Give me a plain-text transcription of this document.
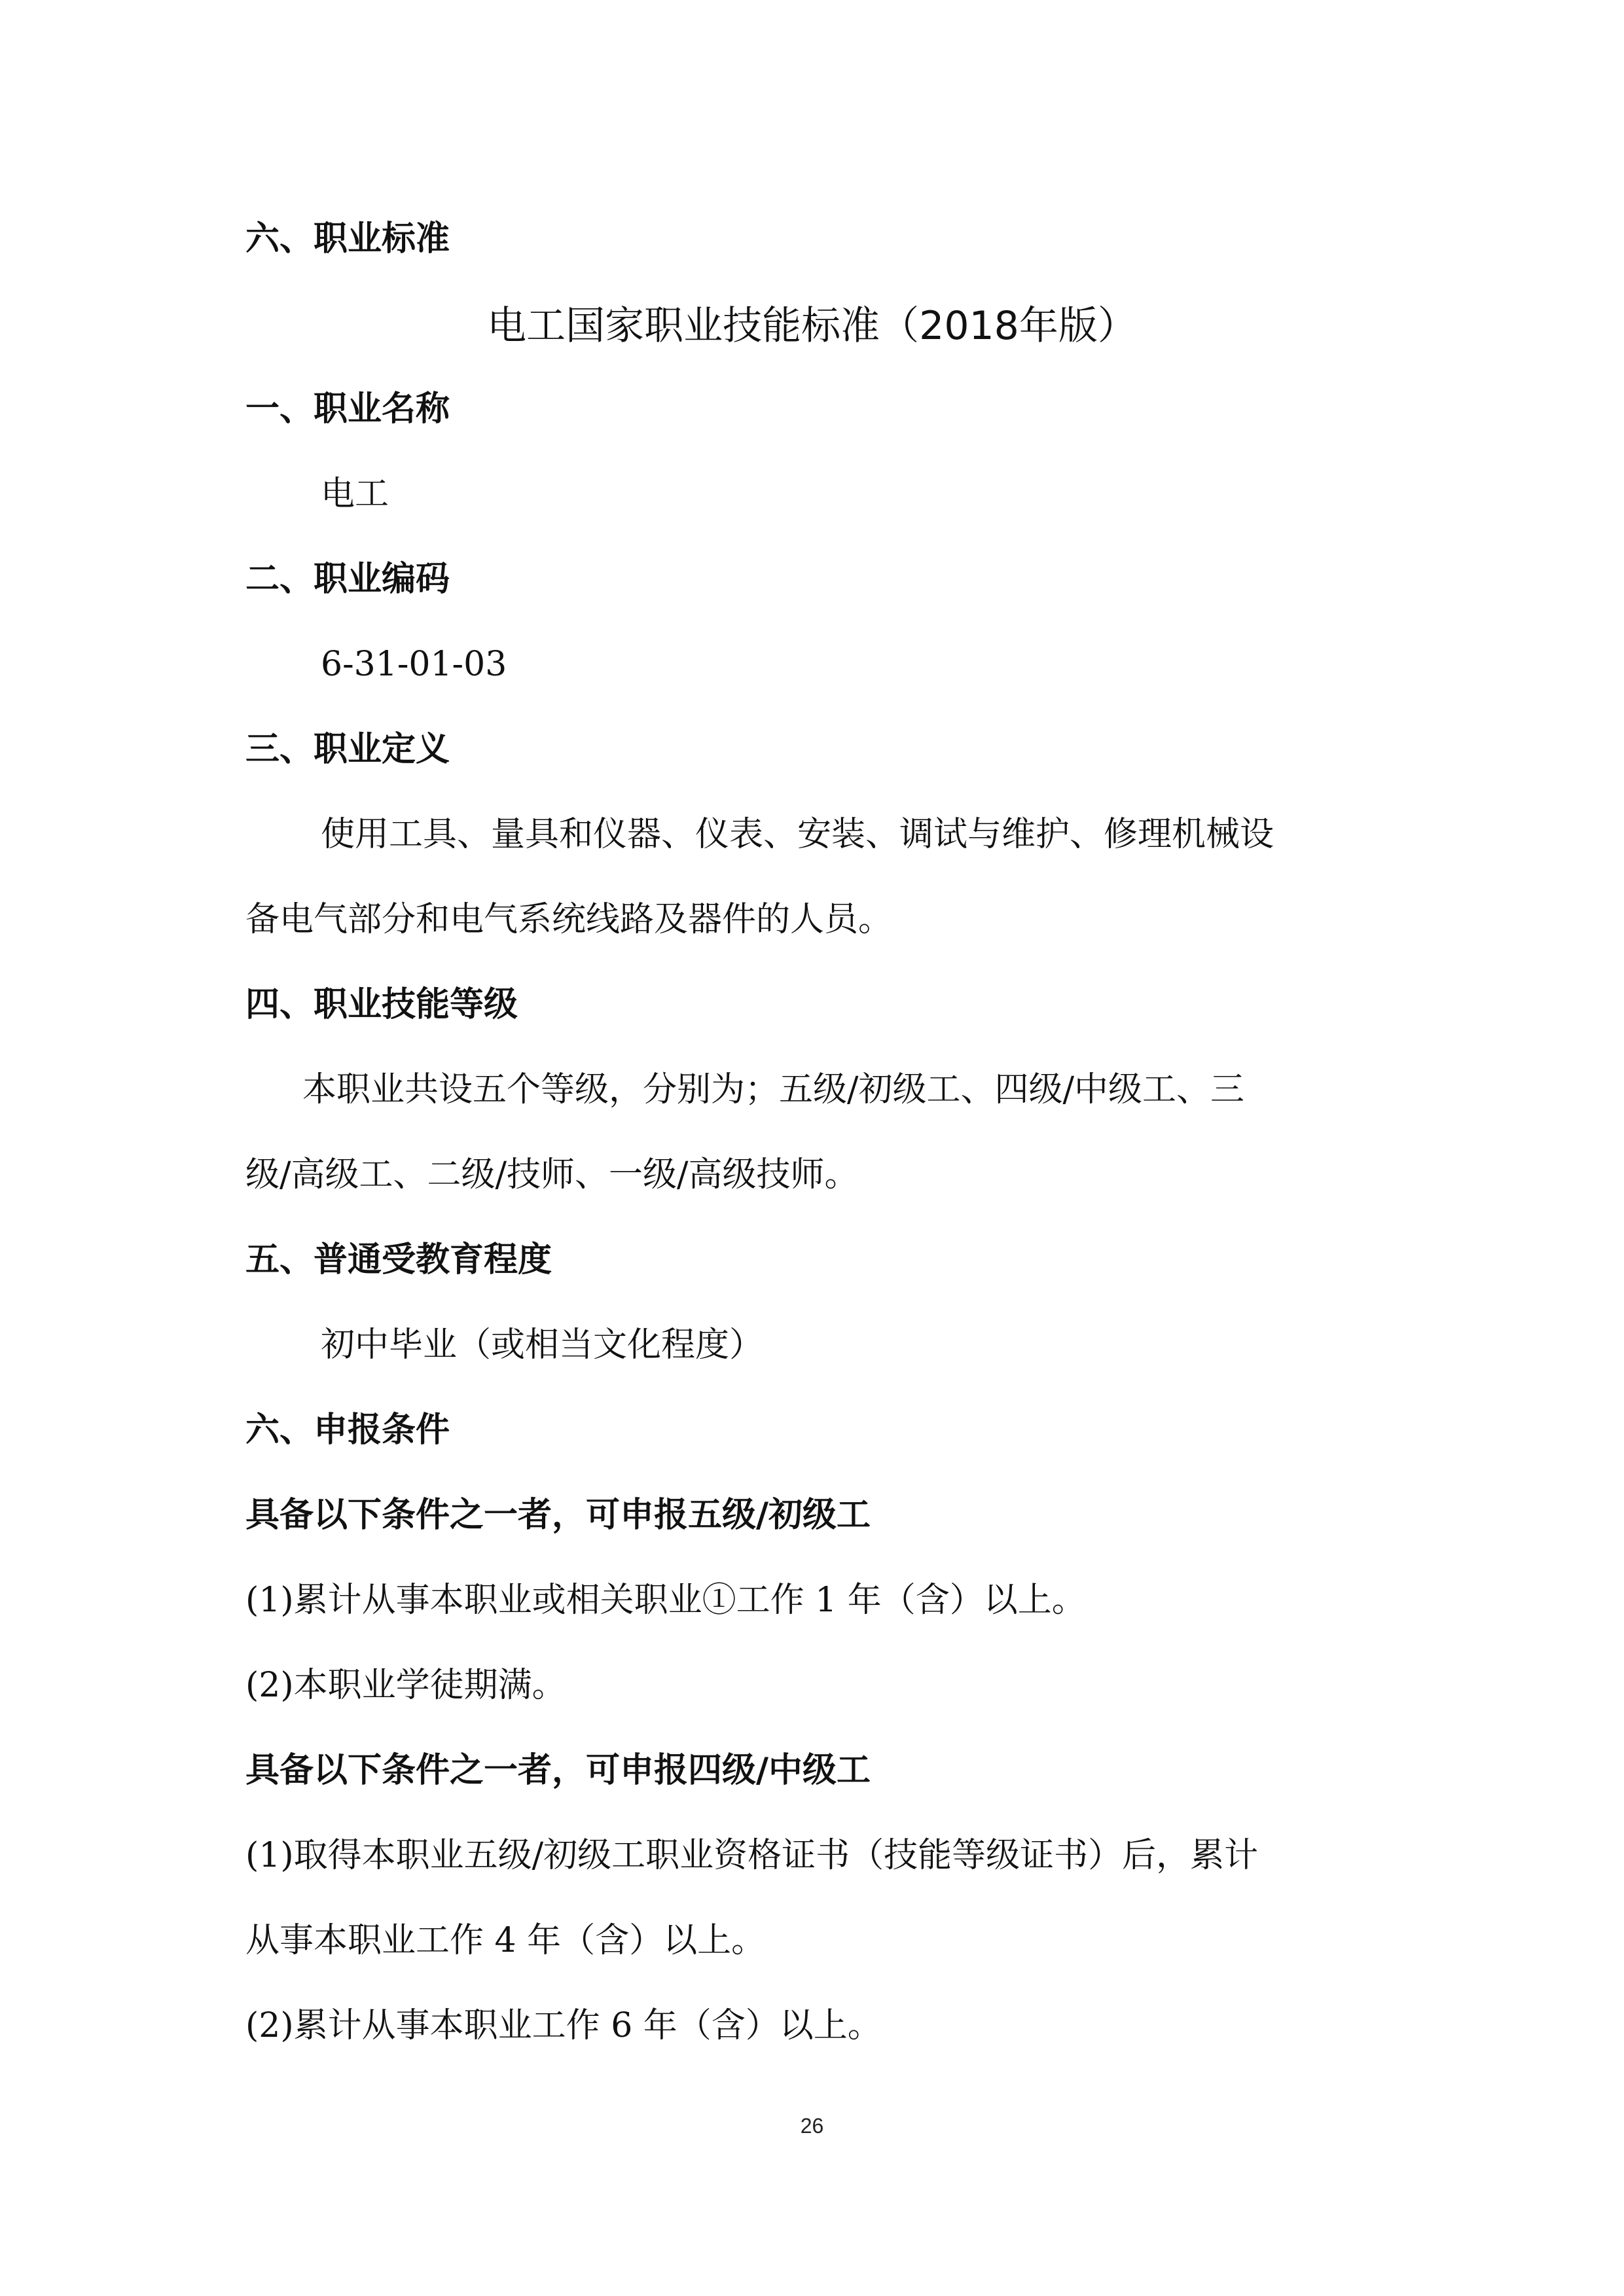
六、职业标准

电工国家职业技能标准（2018年版）

一、职业名称

电工

二、职业编码

6-31-01-03

三、职业定义

使用工具、量具和仪器、仪表、安装、调试与维护、修理机械设

备电气部分和电气系统线路及器件的人员。

四、职业技能等级

本职业共设五个等级，分别为；五级/初级工、四级/中级工、三

级/高级工、二级/技师、一级/高级技师。

五、普通受教育程度

初中毕业（或相当文化程度）

六、申报条件

具备以下条件之一者，可申报五级/初级工

(1)累计从事本职业或相关职业①工作 1 年（含）以上。

(2)本职业学徒期满。

具备以下条件之一者，可申报四级/中级工

(1)取得本职业五级/初级工职业资格证书（技能等级证书）后，累计

从事本职业工作 4 年（含）以上。

(2)累计从事本职业工作 6 年（含）以上。

26
